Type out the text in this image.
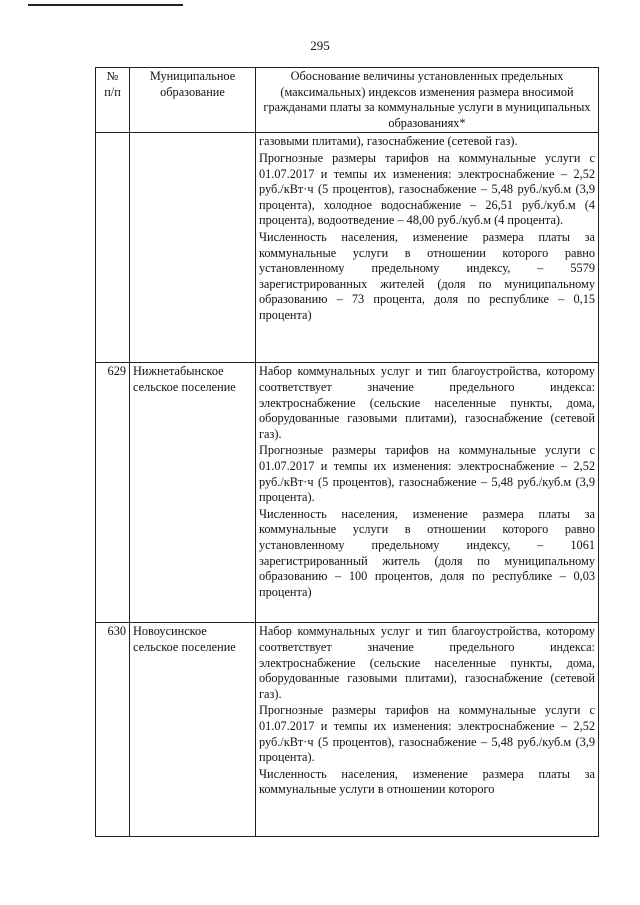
295
№
п/п	Муниципальное образование	Обоснование величины установленных предельных (максимальных) индексов изменения размера вносимой гражданами платы за коммунальные услуги в муниципальных образованиях*

		газовыми плитами), газоснабжение (сетевой газ).

Прогнозные размеры тарифов на коммунальные услуги с 01.07.2017 и темпы их изменения: электроснабжение – 2,52 руб./кВт·ч (5 процентов), газоснабжение – 5,48 руб./куб.м (3,9 процента), холодное водоснабжение – 26,51 руб./куб.м (4 процента), водоотведение – 48,00 руб./куб.м (4 процента).

Численность населения, изменение размера платы за коммунальные услуги в отношении которого равно установленному предельному индексу, – 5579 зарегистрированных жителей (доля по муниципальному образованию – 73 процента, доля по республике – 0,15 процента)

629	Нижнетабынское сельское поселение	Набор коммунальных услуг и тип благоустройства, которому соответствует значение предельного индекса: электроснабжение (сельские населенные пункты, дома, оборудованные газовыми плитами), газоснабжение (сетевой газ).

Прогнозные размеры тарифов на коммунальные услуги с 01.07.2017 и темпы их изменения: электроснабжение – 2,52 руб./кВт·ч (5 процентов), газоснабжение – 5,48 руб./куб.м (3,9 процента).

Численность населения, изменение размера платы за коммунальные услуги в отношении которого равно установленному предельному индексу, – 1061 зарегистрированный житель (доля по муниципальному образованию – 100 процентов, доля по республике – 0,03 процента)

630	Новоусинское сельское поселение	Набор коммунальных услуг и тип благоустройства, которому соответствует значение предельного индекса: электроснабжение (сельские населенные пункты, дома, оборудованные газовыми плитами), газоснабжение (сетевой газ).

Прогнозные размеры тарифов на коммунальные услуги с 01.07.2017 и темпы их изменения: электроснабжение – 2,52 руб./кВт·ч (5 процентов), газоснабжение – 5,48 руб./куб.м (3,9 процента).

Численность населения, изменение размера платы за коммунальные услуги в отношении которого
